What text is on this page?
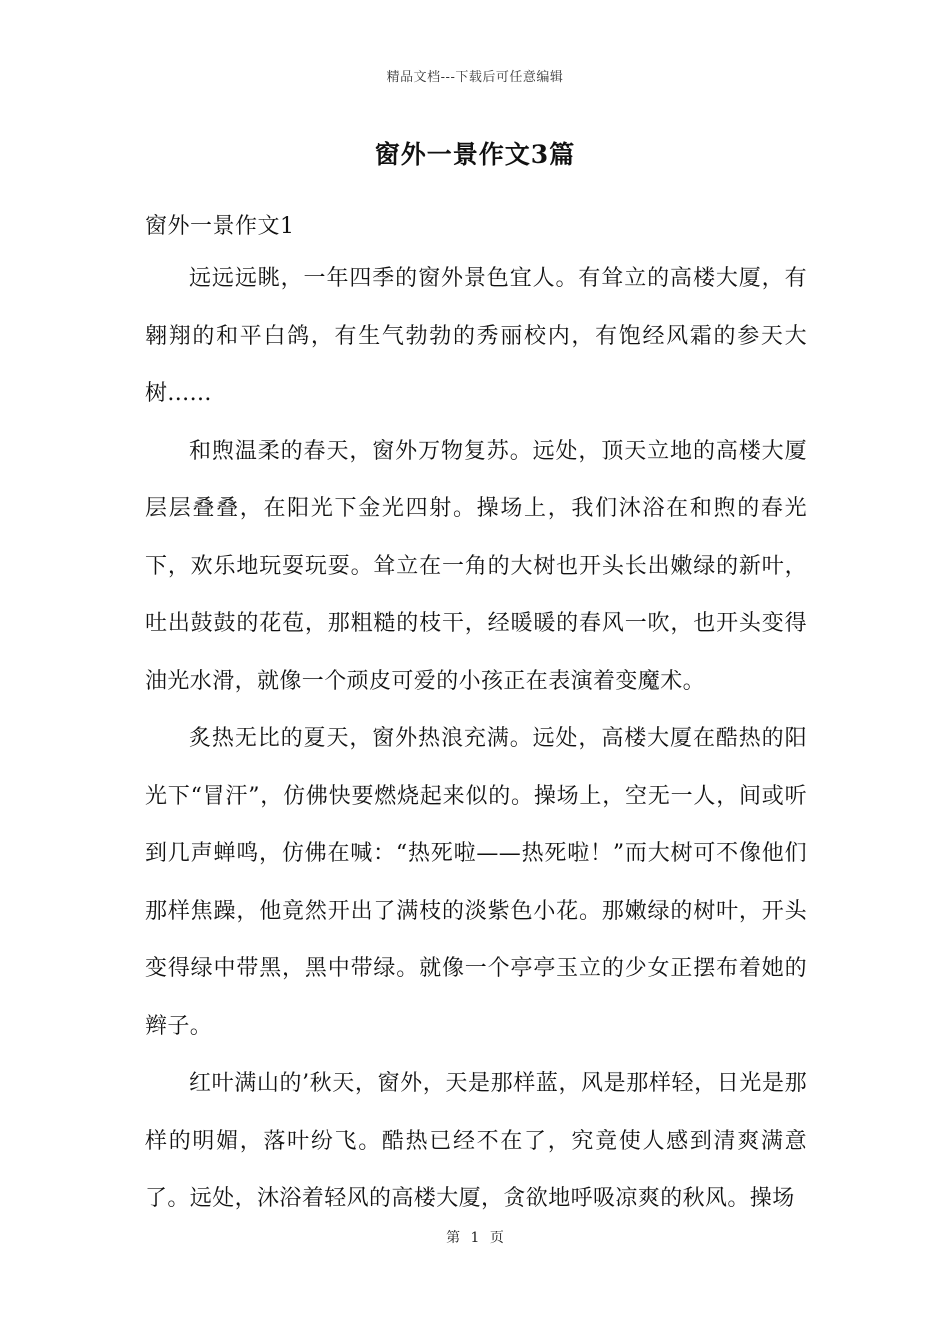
精品文档---下载后可任意编辑
窗外一景作文3篇
窗外一景作文1

远远远眺，一年四季的窗外景色宜人。有耸立的高楼大厦，有翱翔的和平白鸽，有生气勃勃的秀丽校内，有饱经风霜的参天大树......

和煦温柔的春天，窗外万物复苏。远处，顶天立地的高楼大厦层层叠叠，在阳光下金光四射。操场上，我们沐浴在和煦的春光下，欢乐地玩耍玩耍。耸立在一角的大树也开头长出嫩绿的新叶，吐出鼓鼓的花苞，那粗糙的枝干，经暖暖的春风一吹，也开头变得油光水滑，就像一个顽皮可爱的小孩正在表演着变魔术。

炙热无比的夏天，窗外热浪充满。远处，高楼大厦在酷热的阳光下“冒汗”，仿佛快要燃烧起来似的。操场上，空无一人，间或听到几声蝉鸣，仿佛在喊：“热死啦——热死啦！”而大树可不像他们那样焦躁，他竟然开出了满枝的淡紫色小花。那嫩绿的树叶，开头变得绿中带黑，黑中带绿。就像一个亭亭玉立的少女正摆布着她的辫子。

红叶满山的’秋天，窗外，天是那样蓝，风是那样轻，日光是那样的明媚，落叶纷飞。酷热已经不在了，究竟使人感到清爽满意了。远处，沐浴着轻风的高楼大厦，贪欲地呼吸凉爽的秋风。操场

第 1 页
